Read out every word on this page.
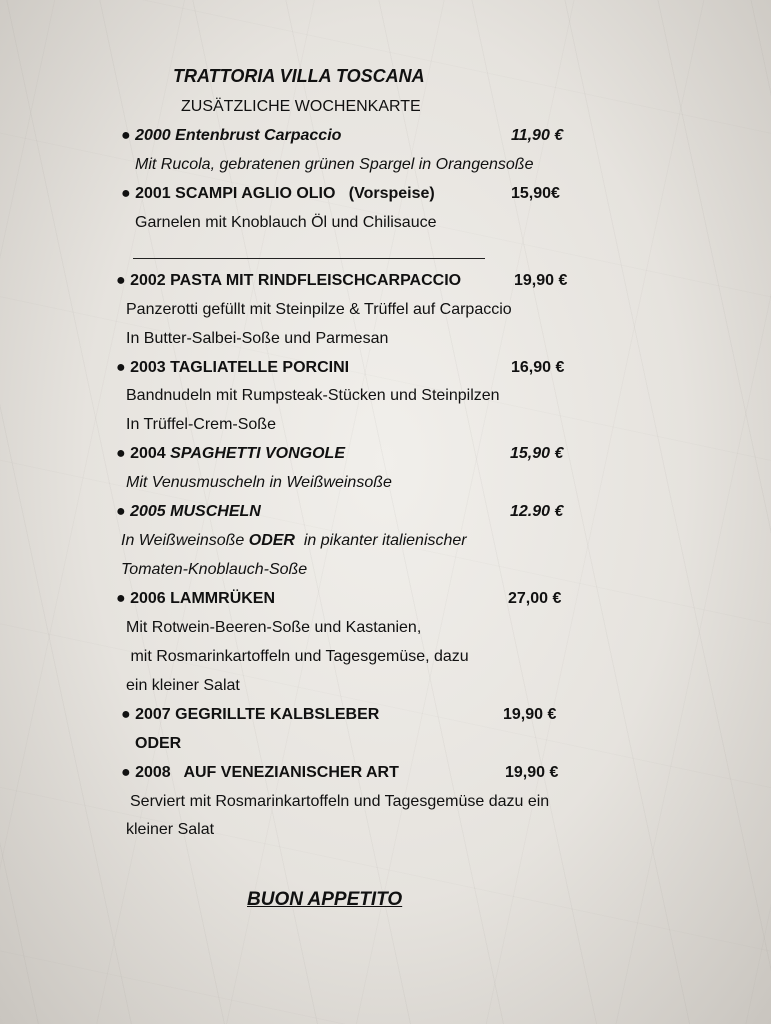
TRATTORIA VILLA TOSCANA
ZUSÄTZLICHE WOCHENKARTE
● 2000 Entenbrust Carpaccio	11,90 €
Mit Rucola, gebratenen grünen Spargel in Orangensoße
● 2001 SCAMPI AGLIO OLIO   (Vorspeise)	15,90€
Garnelen mit Knoblauch Öl und Chilisauce
● 2002 PASTA MIT RINDFLEISCHCARPACCIO	19,90 €
Panzerotti gefüllt mit Steinpilze & Trüffel auf Carpaccio
In Butter-Salbei-Soße und Parmesan
● 2003 TAGLIATELLE PORCINI	16,90 €
Bandnudeln mit Rumpsteak-Stücken und Steinpilzen
In Trüffel-Crem-Soße
● 2004 SPAGHETTI VONGOLE	15,90 €
Mit Venusmuscheln in Weißweinsoße
● 2005 MUSCHELN	12.90 €
In Weißweinsoße ODER  in pikanter italienischer
Tomaten-Knoblauch-Soße
● 2006 LAMMRÜKEN	27,00 €
Mit Rotwein-Beeren-Soße und Kastanien,
mit Rosmarinkartoffeln und Tagesgemüse, dazu
ein kleiner Salat
● 2007 GEGRILLTE KALBSLEBER	19,90 €
ODER
● 2008   AUF VENEZIANISCHER ART	19,90 €
Serviert mit Rosmarinkartoffeln und Tagesgemüse dazu ein
kleiner Salat
BUON APPETITO
